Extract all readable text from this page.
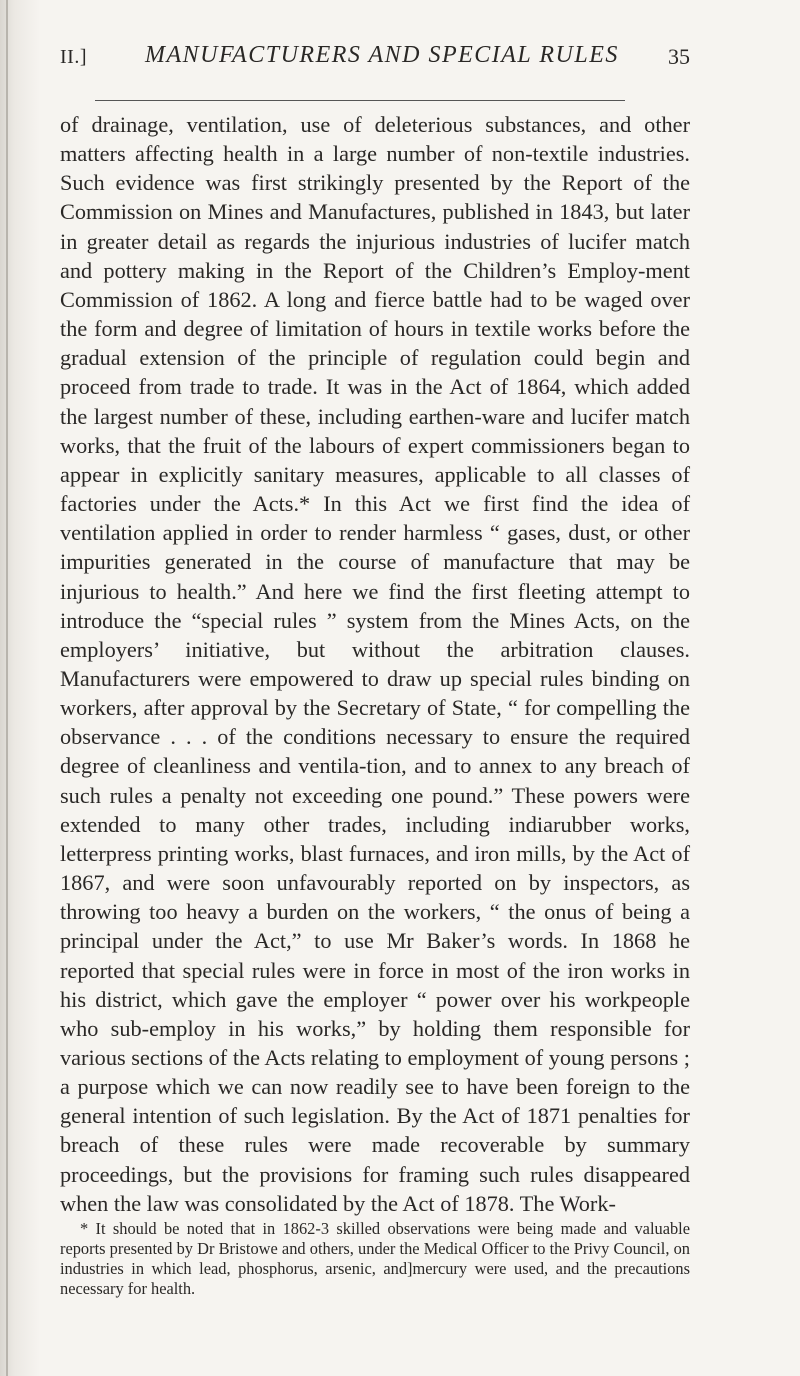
II.] MANUFACTURERS AND SPECIAL RULES 35

of drainage, ventilation, use of deleterious substances, and other matters affecting health in a large number of non-textile industries. Such evidence was first strikingly presented by the Report of the Commission on Mines and Manufactures, published in 1843, but later in greater detail as regards the injurious industries of lucifer match and pottery making in the Report of the Children’s Employ-ment Commission of 1862. A long and fierce battle had to be waged over the form and degree of limitation of hours in textile works before the gradual extension of the principle of regulation could begin and proceed from trade to trade. It was in the Act of 1864, which added the largest number of these, including earthen-ware and lucifer match works, that the fruit of the labours of expert commissioners began to appear in explicitly sanitary measures, applicable to all classes of factories under the Acts.* In this Act we first find the idea of ventilation applied in order to render harmless “ gases, dust, or other impurities generated in the course of manufacture that may be injurious to health.” And here we find the first fleeting attempt to introduce the “special rules ” system from the Mines Acts, on the employers’ initiative, but without the arbitration clauses. Manufacturers were empowered to draw up special rules binding on workers, after approval by the Secretary of State, “ for compelling the observance . . . of the conditions necessary to ensure the required degree of cleanliness and ventila-tion, and to annex to any breach of such rules a penalty not exceeding one pound.” These powers were extended to many other trades, including indiarubber works, letterpress printing works, blast furnaces, and iron mills, by the Act of 1867, and were soon unfavourably reported on by inspectors, as throwing too heavy a burden on the workers, “ the onus of being a principal under the Act,” to use Mr Baker’s words. In 1868 he reported that special rules were in force in most of the iron works in his district, which gave the employer “ power over his workpeople who sub-employ in his works,” by holding them responsible for various sections of the Acts relating to employment of young persons ; a purpose which we can now readily see to have been foreign to the general intention of such legislation. By the Act of 1871 penalties for breach of these rules were made recoverable by summary proceedings, but the provisions for framing such rules disappeared when the law was consolidated by the Act of 1878. The Work-

* It should be noted that in 1862-3 skilled observations were being made and valuable reports presented by Dr Bristowe and others, under the Medical Officer to the Privy Council, on industries in which lead, phosphorus, arsenic, and]mercury were used, and the precautions necessary for health.
